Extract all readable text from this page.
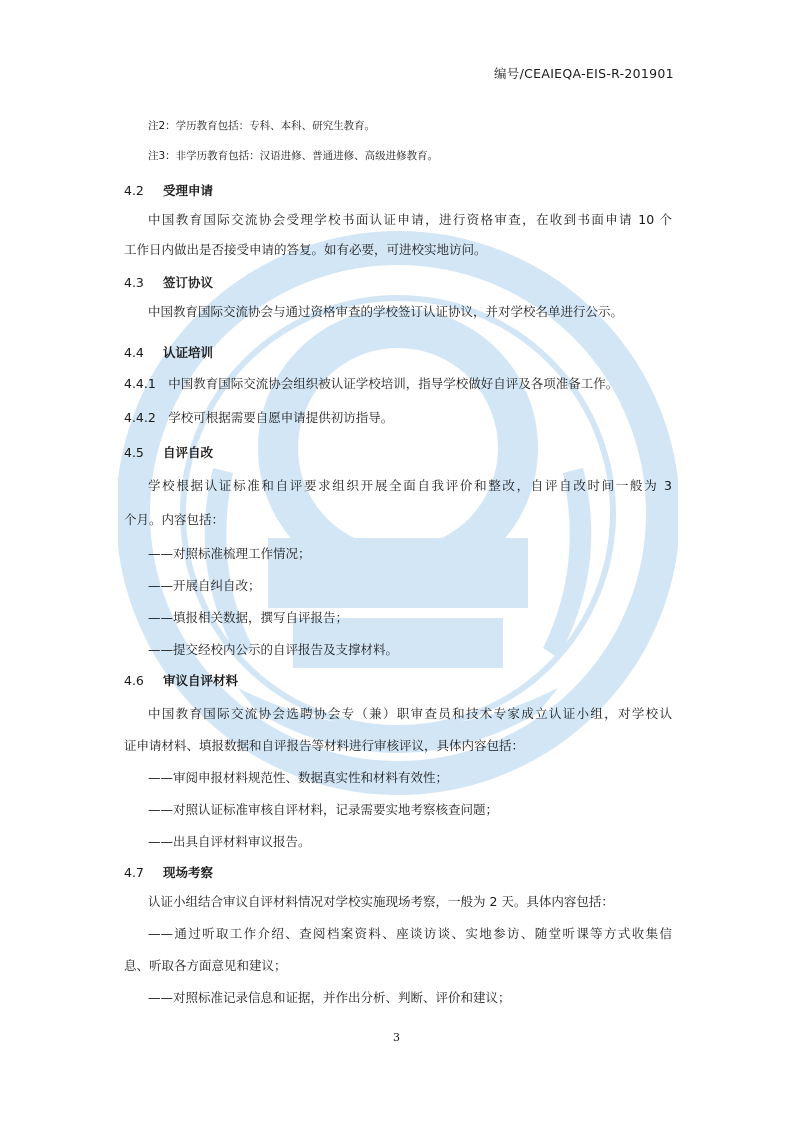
编号/CEAIEQA-EIS-R-201901
注2：学历教育包括：专科、本科、研究生教育。
注3：非学历教育包括：汉语进修、普通进修、高级进修教育。
4.2 受理申请
中国教育国际交流协会受理学校书面认证申请，进行资格审查，在收到书面申请 10 个
工作日内做出是否接受申请的答复。如有必要，可进校实地访问。
4.3 签订协议
中国教育国际交流协会与通过资格审查的学校签订认证协议，并对学校名单进行公示。
4.4 认证培训
4.4.1　中国教育国际交流协会组织被认证学校培训，指导学校做好自评及各项准备工作。
4.4.2　学校可根据需要自愿申请提供初访指导。
4.5 自评自改
学校根据认证标准和自评要求组织开展全面自我评价和整改，自评自改时间一般为 3
个月。内容包括：
——对照标准梳理工作情况；
——开展自纠自改；
——填报相关数据，撰写自评报告；
——提交经校内公示的自评报告及支撑材料。
4.6 审议自评材料
中国教育国际交流协会选聘协会专（兼）职审查员和技术专家成立认证小组，对学校认
证申请材料、填报数据和自评报告等材料进行审核评议，具体内容包括：
——审阅申报材料规范性、数据真实性和材料有效性；
——对照认证标准审核自评材料，记录需要实地考察核查问题；
——出具自评材料审议报告。
4.7 现场考察
认证小组结合审议自评材料情况对学校实施现场考察，一般为 2 天。具体内容包括：
——通过听取工作介绍、查阅档案资料、座谈访谈、实地参访、随堂听课等方式收集信
息、听取各方面意见和建议；
——对照标准记录信息和证据，并作出分析、判断、评价和建议；
3
